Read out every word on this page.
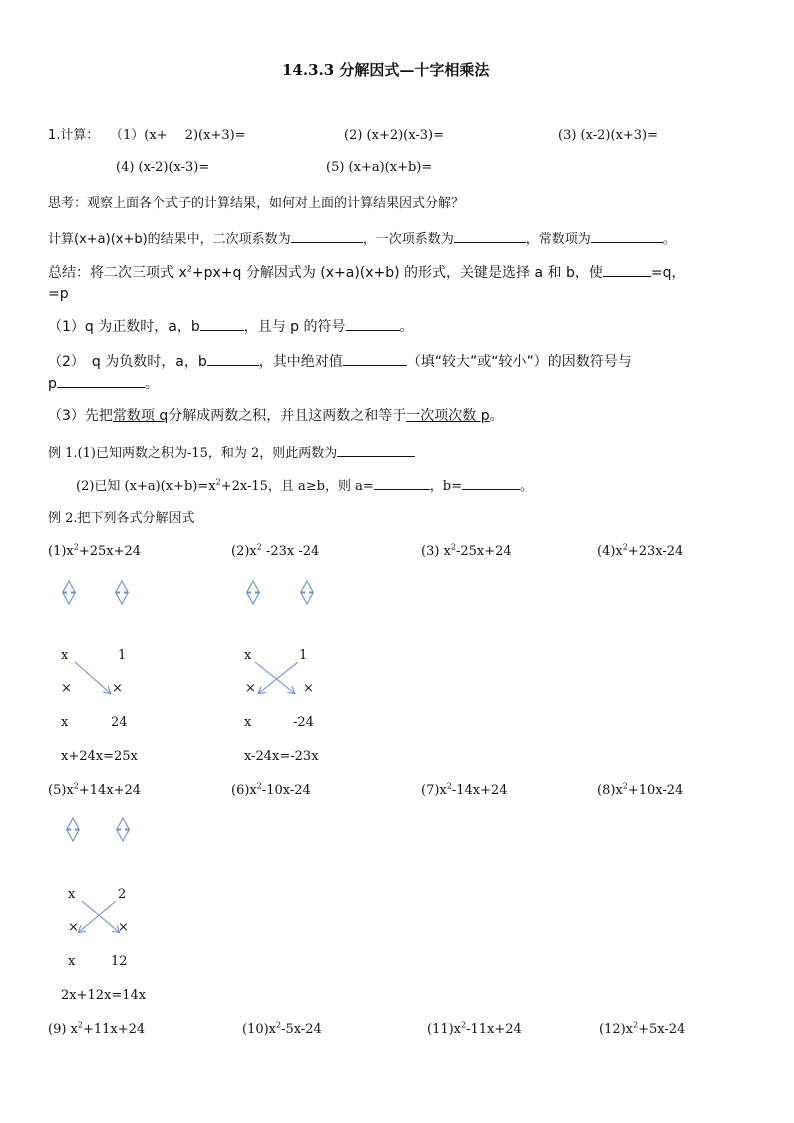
14.3.3 分解因式—十字相乘法
1.计算： （1）(x+　 2)(x+3)=	(2) (x+2)(x-3)=	(3) (x-2)(x+3)=
(4) (x-2)(x-3)=	(5) (x+a)(x+b)=
思考：观察上面各个式子的计算结果，如何对上面的计算结果因式分解？
计算(x+a)(x+b)的结果中，二次项系数为	，一次项系数为	，常数项为	。
总结：将二次三项式 $x^2+px+q$ 分解因式为 (x+a)(x+b) 的形式，关键是选择 a 和 b，使	=q，
=p
（1）q 为正数时，a，b	，且与 p 的符号	。
（2）　q 为负数时，a，b	，其中绝对值	（填“较大”或“较小”）的因数符号与
p	。
（3）先把常数项 q分解成两数之积，并且这两数之和等于一次项次数 p。
例 1.(1)已知两数之积为-15，和为 2，则此两数为
(2)已知 $(x+a)(x+b)=x^2+2x-15$，且 a≥b，则 a=	，b=	。
例 2.把下列各式分解因式
$(1)x^2+25x+24$	$(2)x^2$ -23x -24	(3) $x^2-25x+24$	$(4)x^2+23x-24$
x	1
×	×
x	24
x+24x=25x
x	1
×	×
x	-24
x-24x=-23x
$(5)x^2+14x+24$	$(6)x^2-10x-24$	$(7)x^2-14x+24$	$(8)x^2+10x-24$
x	2
×	×
x	12
2x+12x=14x
(9) $x^2+11x+24$	$(10)x^2-5x-24$	$(11)x^2-11x+24$	$(12)x^2+5x-24$
